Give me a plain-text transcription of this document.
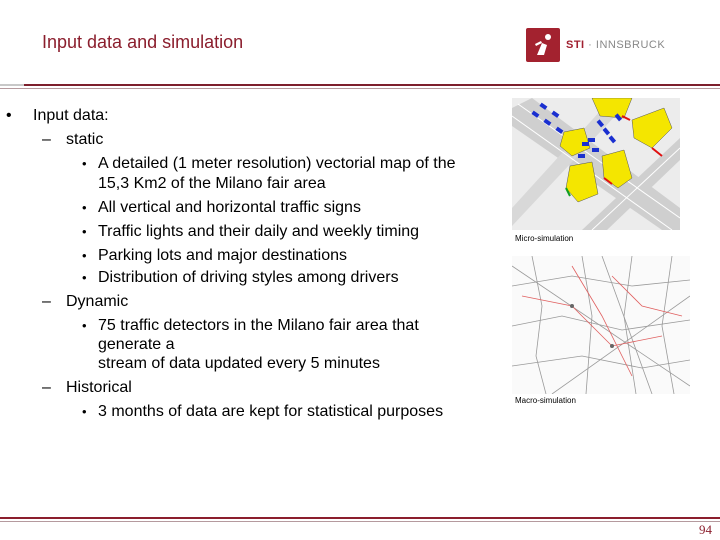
Input data and simulation	STI · INNSBRUCK
• Input data:
– static
• A detailed (1 meter resolution) vectorial map of the
15,3 Km2 of the Milano fair area
• All vertical and horizontal traffic signs
• Traffic lights and their daily and weekly timing
• Parking lots and major destinations
• Distribution of driving styles among drivers
– Dynamic
• 75 traffic detectors in the Milano fair area that
generate a
stream of data updated every 5 minutes
– Historical
• 3 months of data are kept for statistical purposes
Micro-simulation
Macro-simulation
94
